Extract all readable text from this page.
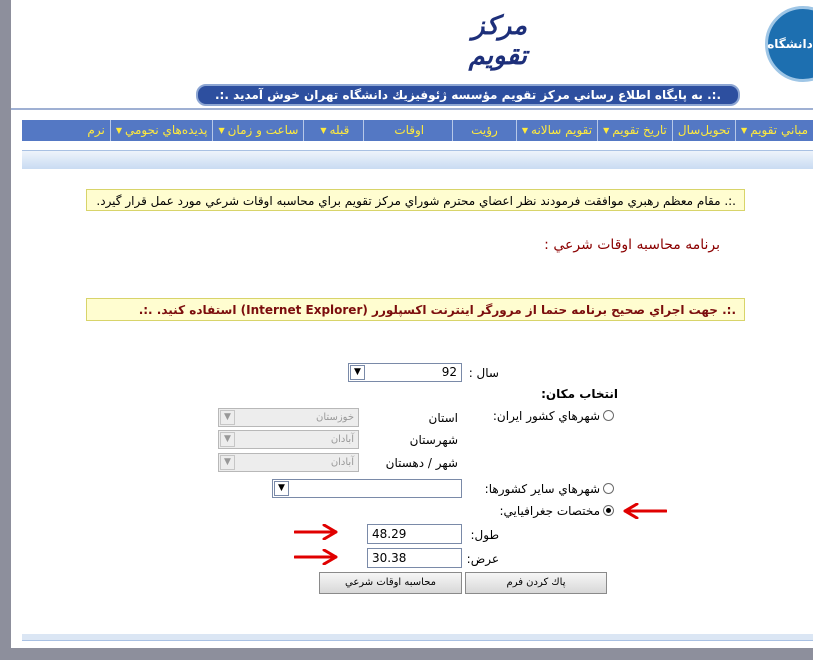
دانشگاه
مرکز تقویم
.:. به پايگاه اطلاع رساني مركز تقويم مؤسسه ژئوفيزيك دانشگاه تهران خوش آمديد .:.
مباني تقويم
▼
تحويل‌سال
تاريخ تقويم
▼
تقويم سالانه
▼
رؤيت
اوقات
قبله
▼
ساعت و زمان
▼
پديده‌هاي نجومي
▼
نرم
.:. مقام معظم رهبري موافقت فرمودند نظر اعضاي محترم شوراي مركز تقويم براي محاسبه اوقات شرعي مورد عمل قرار گيرد.
برنامه محاسبه اوقات شرعي :
.:. جهت اجراي صحيح برنامه حتما از مرورگر اينترنت اكسپلورر (Internet Explorer) استفاده كنيد. .:.
سال :
92
▼
انتخاب مكان:
شهرهاي كشور ايران:
استان
خوزستان
▼
شهرستان
آبادان
▼
شهر / دهستان
آبادان
▼
شهرهاي ساير كشورها:
▼
مختصات جغرافيايي:
طول:
48.29
عرض:
30.38
پاك كردن فرم
محاسبه اوقات شرعي
